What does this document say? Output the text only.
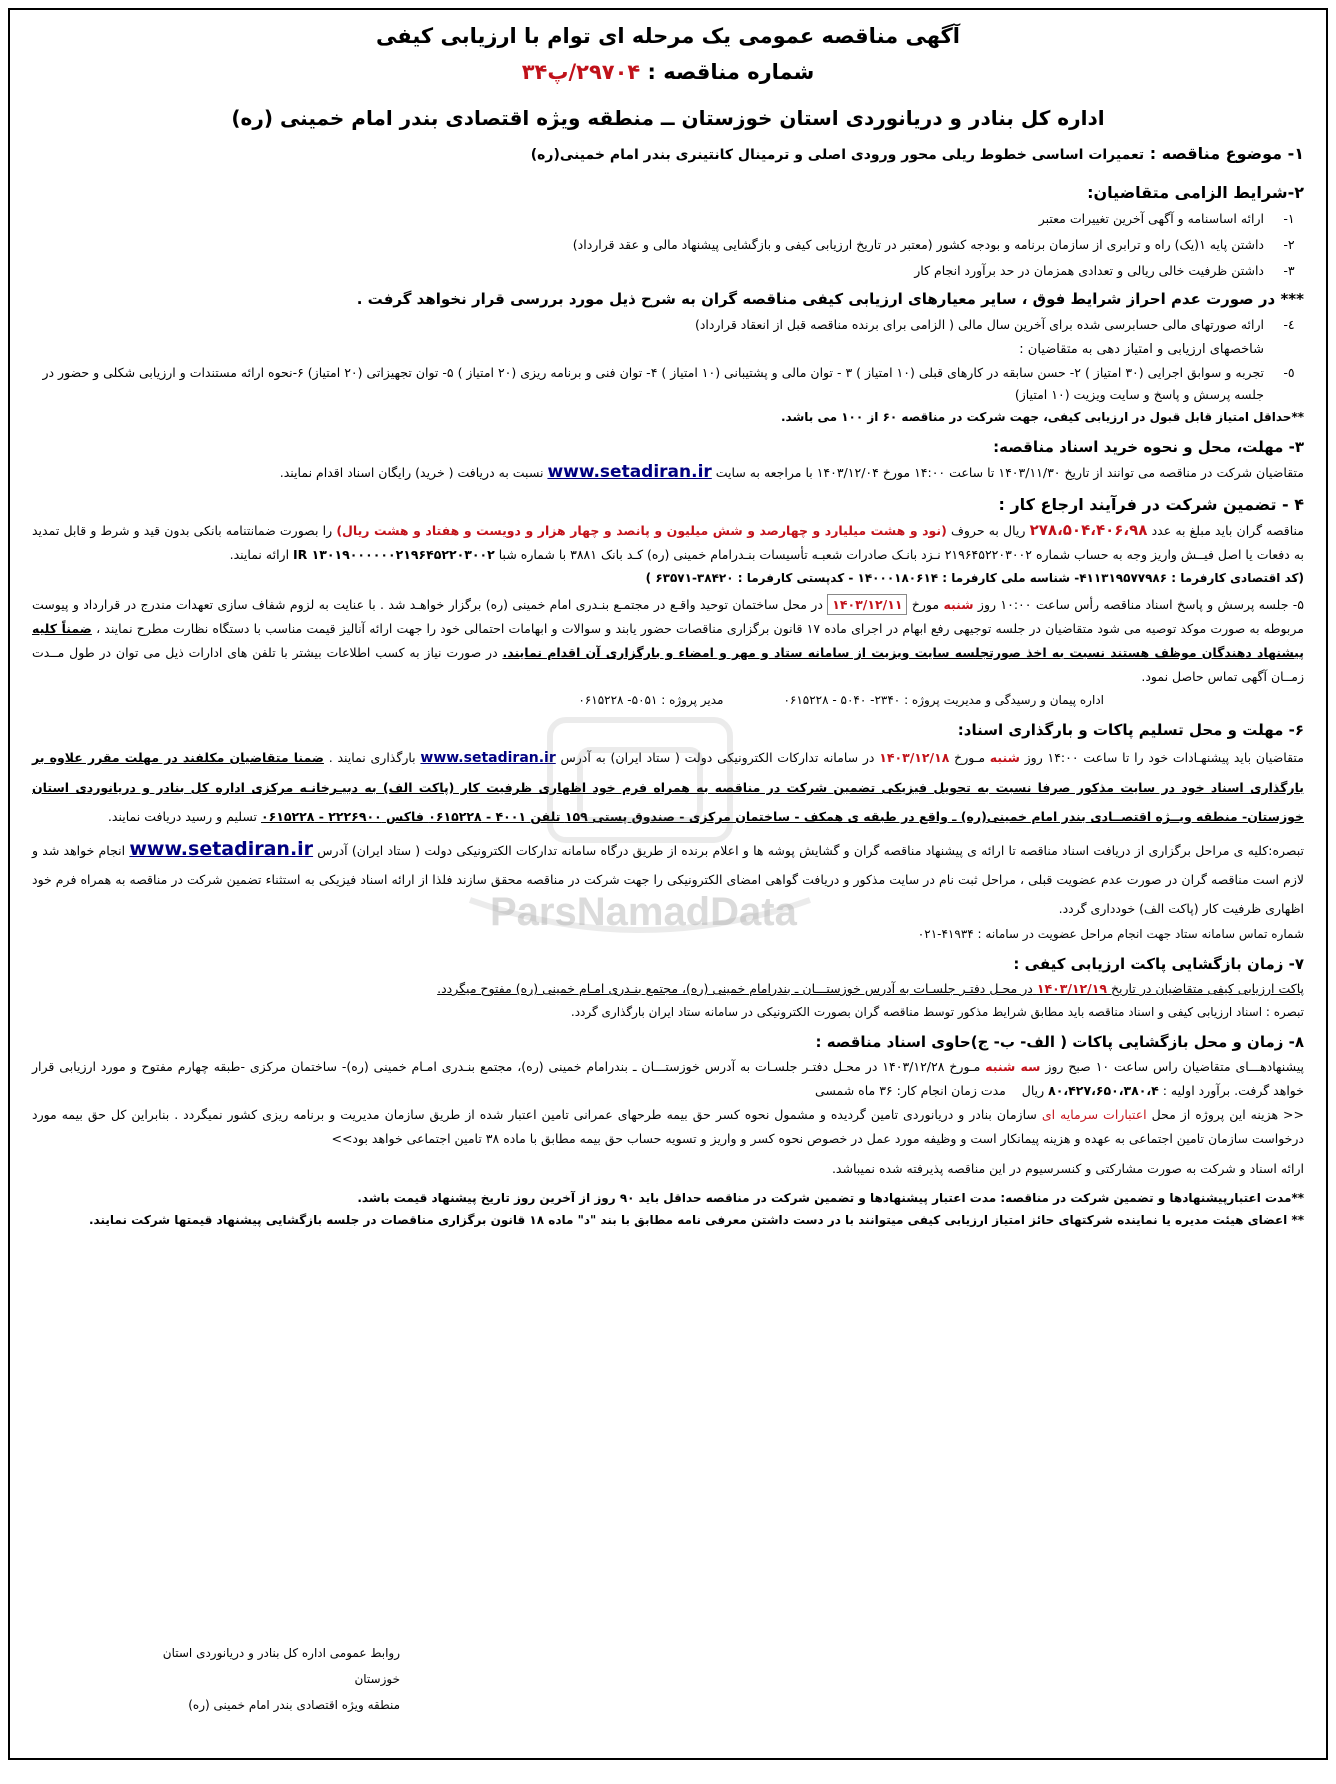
ParsNamadData
آگهی مناقصه عمومی یک مرحله ای توام با ارزیابی کیفی
شماره مناقصه : ۲۹۷۰۴/پ۳۴
اداره کل بنادر و دریانوردی استان خوزستان ــ منطقه ویژه اقتصادی بندر امام خمینی (ره)
۱- موضوع مناقصه : تعمیرات اساسی خطوط ریلی محور ورودی اصلی و ترمینال کانتینری بندر امام خمینی(ره)
۲-شرایط الزامی متقاضیان:
۱-
ارائه اساسنامه و آگهی آخرین تغییرات معتبر
۲-
داشتن پایه ۱(یک) راه و ترابری از سازمان برنامه و بودجه کشور (معتبر در تاریخ ارزیابی کیفی و بازگشایی پیشنهاد مالی و عقد قرارداد)
۳-
داشتن ظرفیت خالی ریالی و تعدادی همزمان در حد برآورد انجام کار
*** در صورت عدم احراز شرایط فوق ، سایر معیارهای ارزیابی کیفی مناقصه گران به شرح ذیل مورد بررسی قرار نخواهد گرفت .
٤-
ارائه صورتهای مالی حسابرسی شده برای آخرین سال مالی ( الزامی برای برنده مناقصه قبل از انعقاد قرارداد)
شاخصهای ارزیابی و امتیاز دهی به متقاضیان :
٥-
تجربه و سوابق اجرایی (۳۰ امتیاز ) ۲- حسن سابقه در کارهای قبلی (۱۰ امتیاز ) ۳ - توان مالی و پشتیبانی (۱۰ امتیاز ) ۴- توان فنی و برنامه ریزی (۲۰ امتیاز ) ۵- توان تجهیزاتی (۲۰ امتیاز) ۶-نحوه ارائه مستندات و ارزیابی شکلی و حضور در جلسه پرسش و پاسخ و سایت ویزیت (۱۰ امتیاز)
**حداقل امتیاز قابل قبول در ارزیابی کیفی، جهت شرکت در مناقصه ۶۰ از ۱۰۰ می باشد.
۳- مهلت، محل و نحوه خرید اسناد مناقصه:
متقاضیان شرکت در مناقصه می توانند از تاریخ ۱۴۰۳/۱۱/۳۰ تا ساعت ۱۴:۰۰ مورخ ۱۴۰۳/۱۲/۰۴ با مراجعه به سایت www.setadiran.ir نسبت به دریافت ( خرید) رایگان اسناد اقدام نمایند.
۴ - تضمین شرکت در فرآیند ارجاع کار :
مناقصه گران باید مبلغ به عدد ۲۷۸،۵۰۴،۴۰۶،۹۸ ریال به حروف (نود و هشت میلیارد و چهارصد و شش میلیون و پانصد و چهار هزار و دویست و هفتاد و هشت ریال) را بصورت ضمانتنامه بانکی بدون قید و شرط و قابل تمدید به دفعات یا اصل فیــش واریز وجه به حساب شماره ۲۱۹۶۴۵۲۲۰۳۰۰۲ نـزد بانـک صادرات شعبـه تأسیسات بنـدرامام خمینی (ره) کـد بانک ۳۸۸۱ با شماره شبا IR ۱۳۰۱۹۰۰۰۰۰۰۲۱۹۶۴۵۲۲۰۳۰۰۲ ارائه نمایند.
(کد اقتصادی کارفرما : ۴۱۱۳۱۹۵۷۷۹۸۶- شناسه ملی کارفرما : ۱۴۰۰۰۱۸۰۶۱۴ - کدپستی کارفرما : ۳۸۴۲۰-۶۳۵۷۱ )
۵- جلسه پرسش و پاسخ اسناد مناقصه رأس ساعت ۱۰:۰۰ روز شنبه مورخ ۱۴۰۳/۱۲/۱۱ در محل ساختمان توحید واقـع در مجتمـع بنـدری امام خمینی (ره) برگزار خواهـد شد . با عنایت به لزوم شفاف سازی تعهدات مندرج در قرارداد و پیوست مربوطه به صورت موکد توصیه می شود متقاضیان در جلسه توجیهی رفع ابهام در اجرای ماده ۱۷ قانون برگزاری مناقصات حضور یابند و سوالات و ابهامات احتمالی خود را جهت ارائه آنالیز قیمت مناسب با دستگاه نظارت مطرح نمایند ، ضمناً کلیه پیشنهاد دهندگان موظف هستند نسبت به اخذ صورتجلسه سایت ویزیت از سامانه ستاد و مهر و امضاء و بارگزاری آن اقدام نمایند. در صورت نیاز به کسب اطلاعات بیشتر با تلفن های ادارات ذیل می توان در طول مــدت زمــان آگهی تماس حاصل نمود.
اداره پیمان و رسیدگی و مدیریت پروژه : ۲۳۴۰- ۵۰۴۰ - ۰۶۱۵۲۲۸
مدیر پروژه : ۵۰۵۱- ۰۶۱۵۲۲۸
۶- مهلت و محل تسلیم پاکات و بارگذاری اسناد:
متقاضیان باید پیشنهـادات خود را تا ساعت ۱۴:۰۰ روز شنبه مـورخ ۱۴۰۳/۱۲/۱۸ در سامانه تدارکات الکترونیکی دولت ( ستاد ایران) به آدرس www.setadiran.ir بارگذاری نمایند . ضمنا متقاضیان مکلفند در مهلت مقرر علاوه بر بارگذاری اسناد خود در سایت مذکور صرفا نسبت به تحویل فیزیکی تضمین شرکت در مناقصه به همراه فرم خود اظهاری ظرفیت کار (پاکت الف) به دبیـرخانـه مرکزی اداره کل بنادر و دریانوردی استان خوزستان- منطقه ویــژه اقتصــادی بندر امام خمینی(ره) ـ واقع در طبقه ی همکف - ساختمان مرکزی - صندوق پستی ۱۵۹ تلفن ۴۰۰۱ - ۰۶۱۵۲۲۸ فاکس ۲۲۲۶۹۰۰ - ۰۶۱۵۲۲۸ تسلیم و رسید دریافت نمایند.
تبصره:کلیه ی مراحل برگزاری از دریافت اسناد مناقصه تا ارائه ی پیشنهاد مناقصه گران و گشایش پوشه ها و اعلام برنده از طریق درگاه سامانه تدارکات الکترونیکی دولت ( ستاد ایران) آدرس www.setadiran.ir انجام خواهد شد و لازم است مناقصه گران در صورت عدم عضویت قبلی ، مراحل ثبت نام در سایت مذکور و دریافت گواهی امضای الکترونیکی را جهت شرکت در مناقصه محقق سازند فلذا از ارائه اسناد فیزیکی به استثناء تضمین شرکت در مناقصه به همراه فرم خود اظهاری ظرفیت کار (پاکت الف) خودداری گردد.
شماره تماس سامانه ستاد جهت انجام مراحل عضویت در سامانه : ۴۱۹۳۴-۰۲۱
۷- زمان بازگشایی پاکت ارزیابی کیفی :
پاکت ارزیابی کیفی متقاضیان در تاریخ ۱۴۰۳/۱۲/۱۹ در محـل دفتـر جلسـات به آدرس خوزستـــان ـ بندرامام خمینی (ره)، مجتمع بنـدری امـام خمینی (ره) مفتوح میگردد.
تبصره : اسناد ارزیابی کیفی و اسناد مناقصه باید مطابق شرایط مذکور توسط مناقصه گران بصورت الکترونیکی در سامانه ستاد ایران بارگذاری گردد.
۸- زمان و محل بازگشایی پاکات ( الف- ب- ج)حاوی اسناد مناقصه :
پیشنهادهـــای متقاضیان راس ساعت ۱۰ صبح روز سه شنبه مـورخ ۱۴۰۳/۱۲/۲۸ در محـل دفتـر جلسـات به آدرس خوزستـــان ـ بندرامام خمینی (ره)، مجتمع بنـدری امـام خمینی (ره)- ساختمان مرکزی -طبقه چهارم مفتوح و مورد ارزیابی قرار خواهد گرفت. برآورد اولیه : ۸۰،۴۲۷،۶۵۰،۳۸۰،۴ ریال    مدت زمان انجام کار: ۳۶ ماه شمسی
<< هزینه این پروژه از محل اعتبارات سرمایه ای سازمان بنادر و دریانوردی تامین گردیده و مشمول نحوه کسر حق بیمه طرحهای عمرانی تامین اعتبار شده از طریق سازمان مدیریت و برنامه ریزی کشور نمیگردد . بنابراین کل حق بیمه مورد درخواست سازمان تامین اجتماعی به عهده و هزینه پیمانکار است و وظیفه مورد عمل در خصوص نحوه کسر و واریز و تسویه حساب حق بیمه مطابق با ماده ۳۸ تامین اجتماعی خواهد بود>>
ارائه اسناد و شرکت به صورت مشارکتی و کنسرسیوم در این مناقصه پذیرفته شده نمیباشد.
**مدت اعتبارپیشنهادها و تضمین شرکت در مناقصه: مدت اعتبار پیشنهادها و تضمین شرکت در مناقصه حداقل باید ۹۰ روز از آخرین روز تاریخ پیشنهاد قیمت باشد.
** اعضای هیئت مدیره یا نماینده شرکتهای حائز امتیاز ارزیابی کیفی میتوانند با در دست داشتن معرفی نامه مطابق با بند "د" ماده ۱۸ قانون برگزاری مناقصات در جلسه بازگشایی پیشنهاد قیمتها شرکت نمایند.
روابط عمومی اداره کل بنادر و دریانوردی استان خوزستان
منطقه ویژه اقتصادی بندر امام خمینی (ره)
